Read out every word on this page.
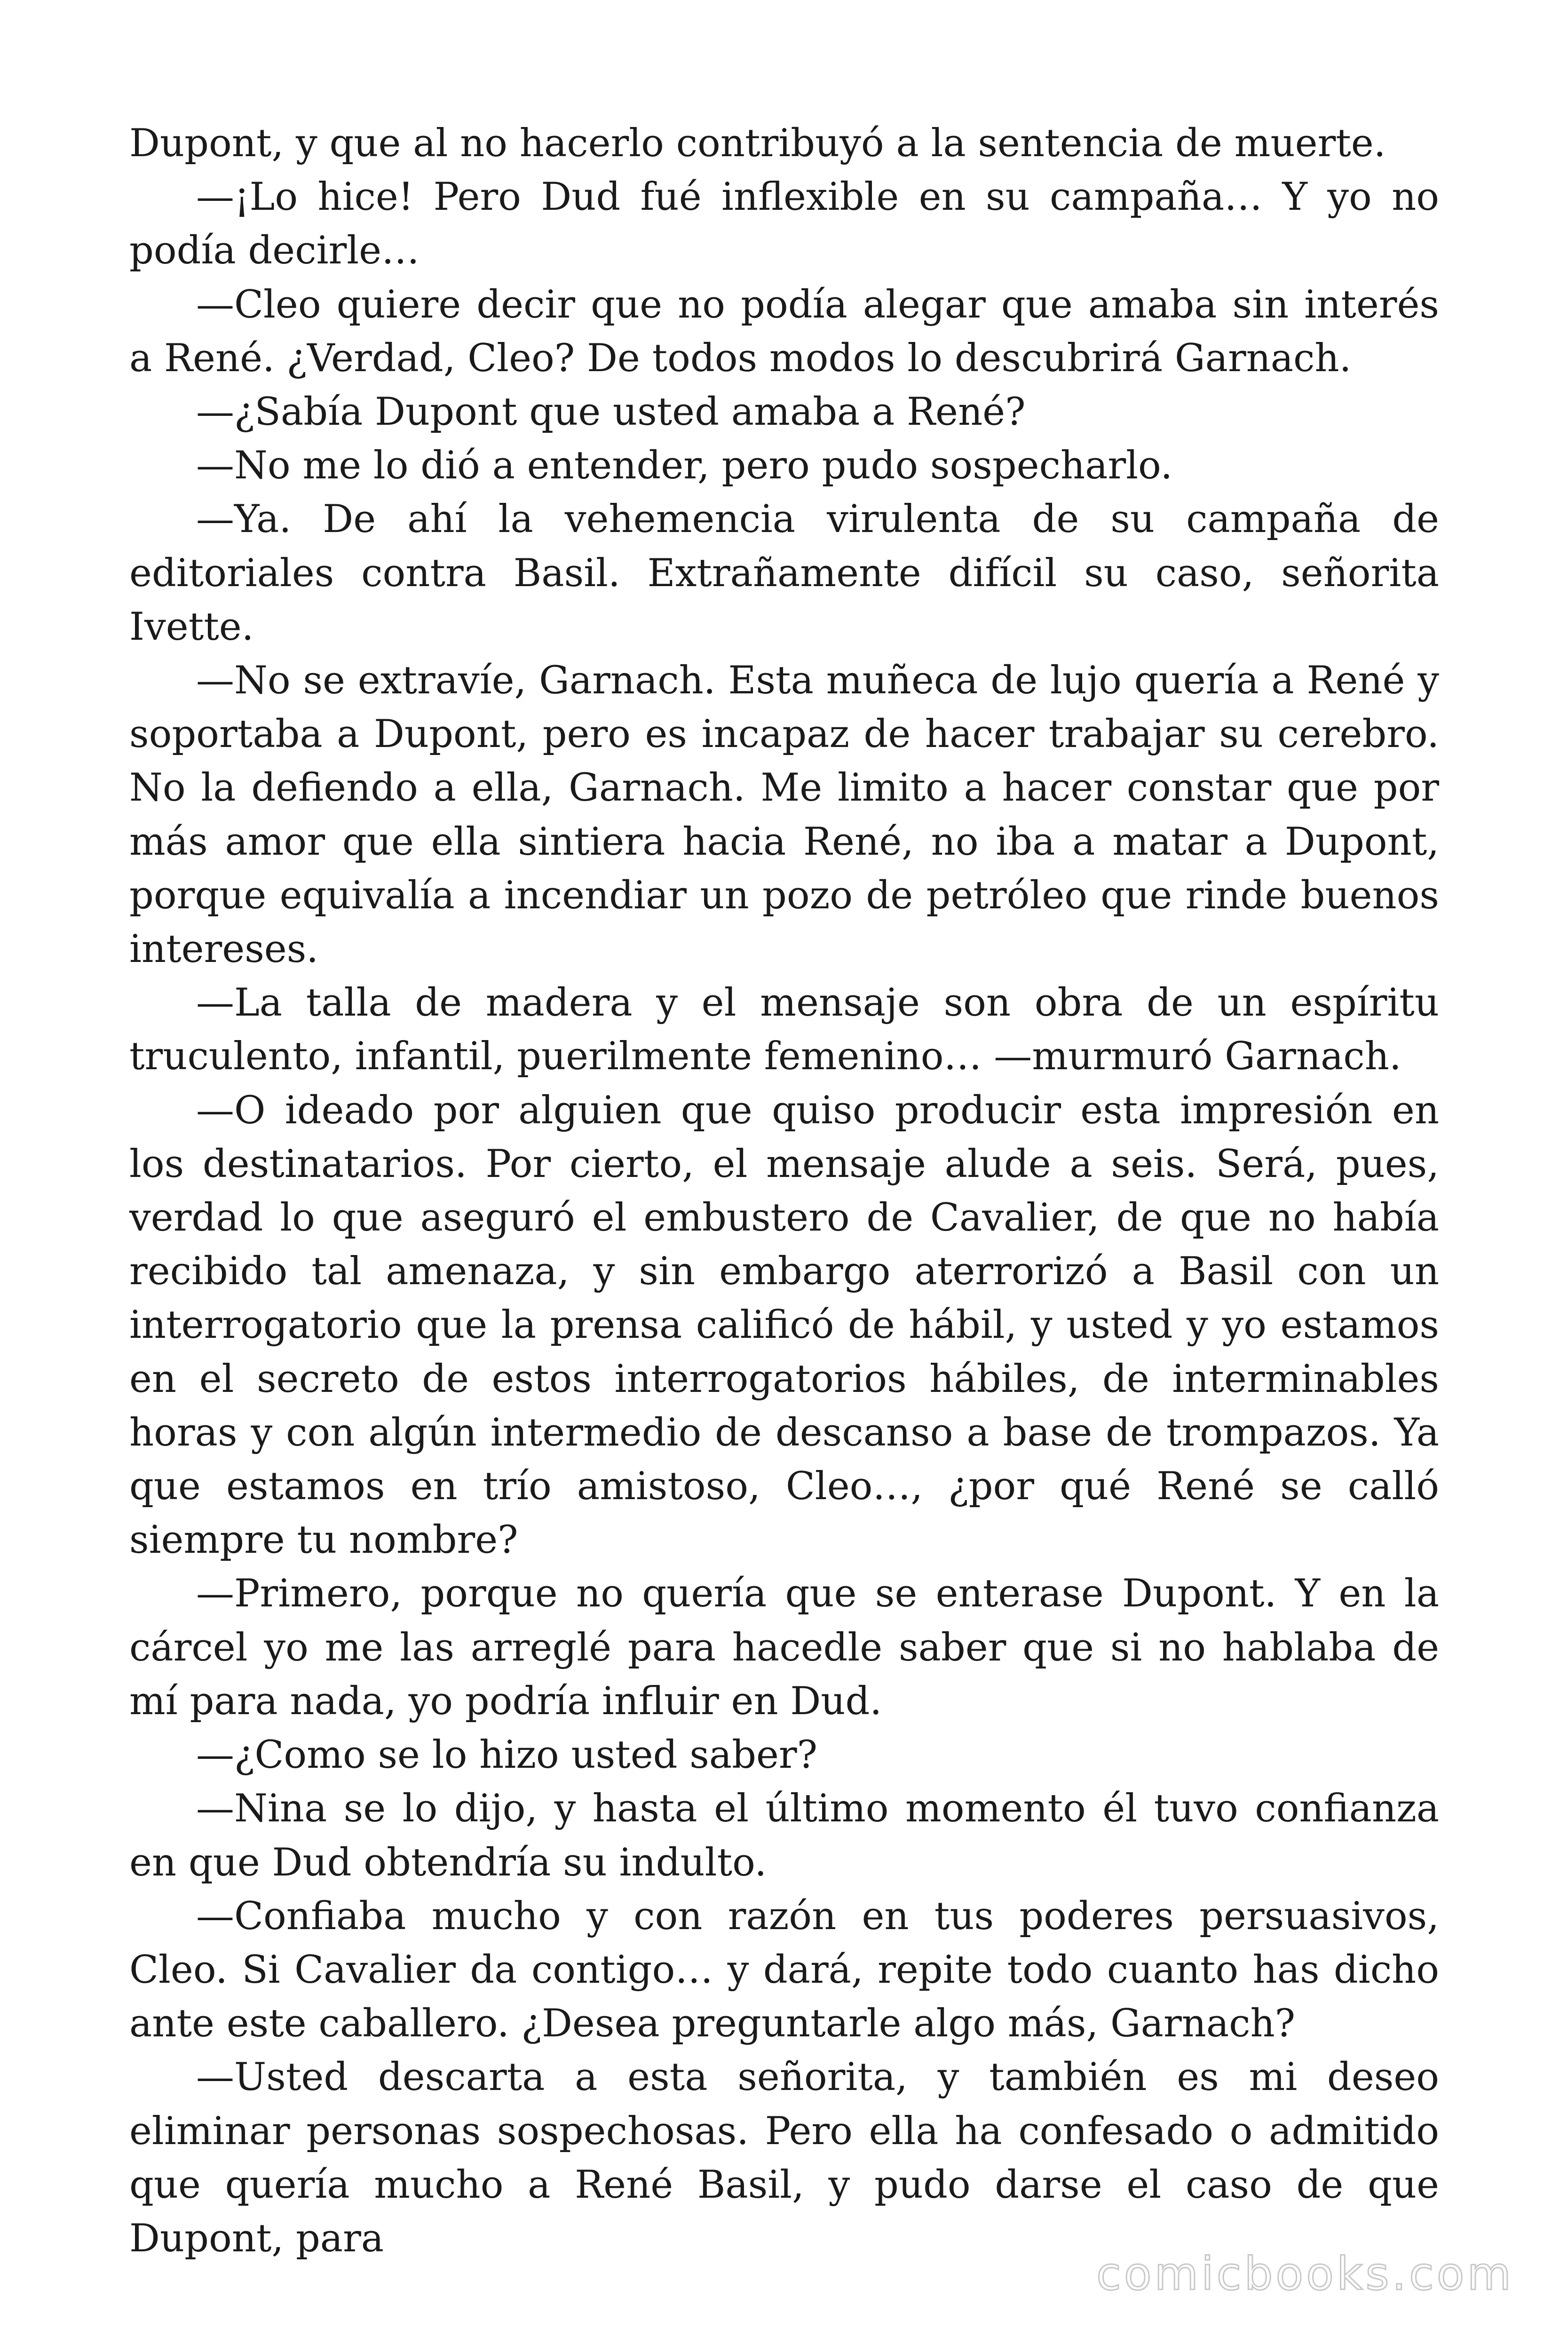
Dupont, y que al no hacerlo contribuyó a la sentencia de muerte.

—¡Lo hice! Pero Dud fué inflexible en su campaña… Y yo no podía decirle…

—Cleo quiere decir que no podía alegar que amaba sin interés a René. ¿Verdad, Cleo? De todos modos lo descubrirá Garnach.

—¿Sabía Dupont que usted amaba a René?

—No me lo dió a entender, pero pudo sospecharlo.

—Ya. De ahí la vehemencia virulenta de su campaña de editoriales contra Basil. Extrañamente difícil su caso, señorita Ivette.

—No se extravíe, Garnach. Esta muñeca de lujo quería a René y soportaba a Dupont, pero es incapaz de hacer trabajar su cerebro. No la defiendo a ella, Garnach. Me limito a hacer constar que por más amor que ella sintiera hacia René, no iba a matar a Dupont, porque equivalía a incendiar un pozo de petróleo que rinde buenos intereses.

—La talla de madera y el mensaje son obra de un espíritu truculento, infantil, puerilmente femenino… —murmuró Garnach.

—O ideado por alguien que quiso producir esta impresión en los destinatarios. Por cierto, el mensaje alude a seis. Será, pues, verdad lo que aseguró el embustero de Cavalier, de que no había recibido tal amenaza, y sin embargo aterrorizó a Basil con un interrogatorio que la prensa calificó de hábil, y usted y yo estamos en el secreto de estos interrogatorios hábiles, de interminables horas y con algún intermedio de descanso a base de trompazos. Ya que estamos en trío amistoso, Cleo…, ¿por qué René se calló siempre tu nombre?

—Primero, porque no quería que se enterase Dupont. Y en la cárcel yo me las arreglé para hacedle saber que si no hablaba de mí para nada, yo podría influir en Dud.

—¿Como se lo hizo usted saber?

—Nina se lo dijo, y hasta el último momento él tuvo confianza en que Dud obtendría su indulto.

—Confiaba mucho y con razón en tus poderes persuasivos, Cleo. Si Cavalier da contigo… y dará, repite todo cuanto has dicho ante este caballero. ¿Desea preguntarle algo más, Garnach?

—Usted descarta a esta señorita, y también es mi deseo eliminar personas sospechosas. Pero ella ha confesado o admitido que quería mucho a René Basil, y pudo darse el caso de que Dupont, para

comicbooks.com
